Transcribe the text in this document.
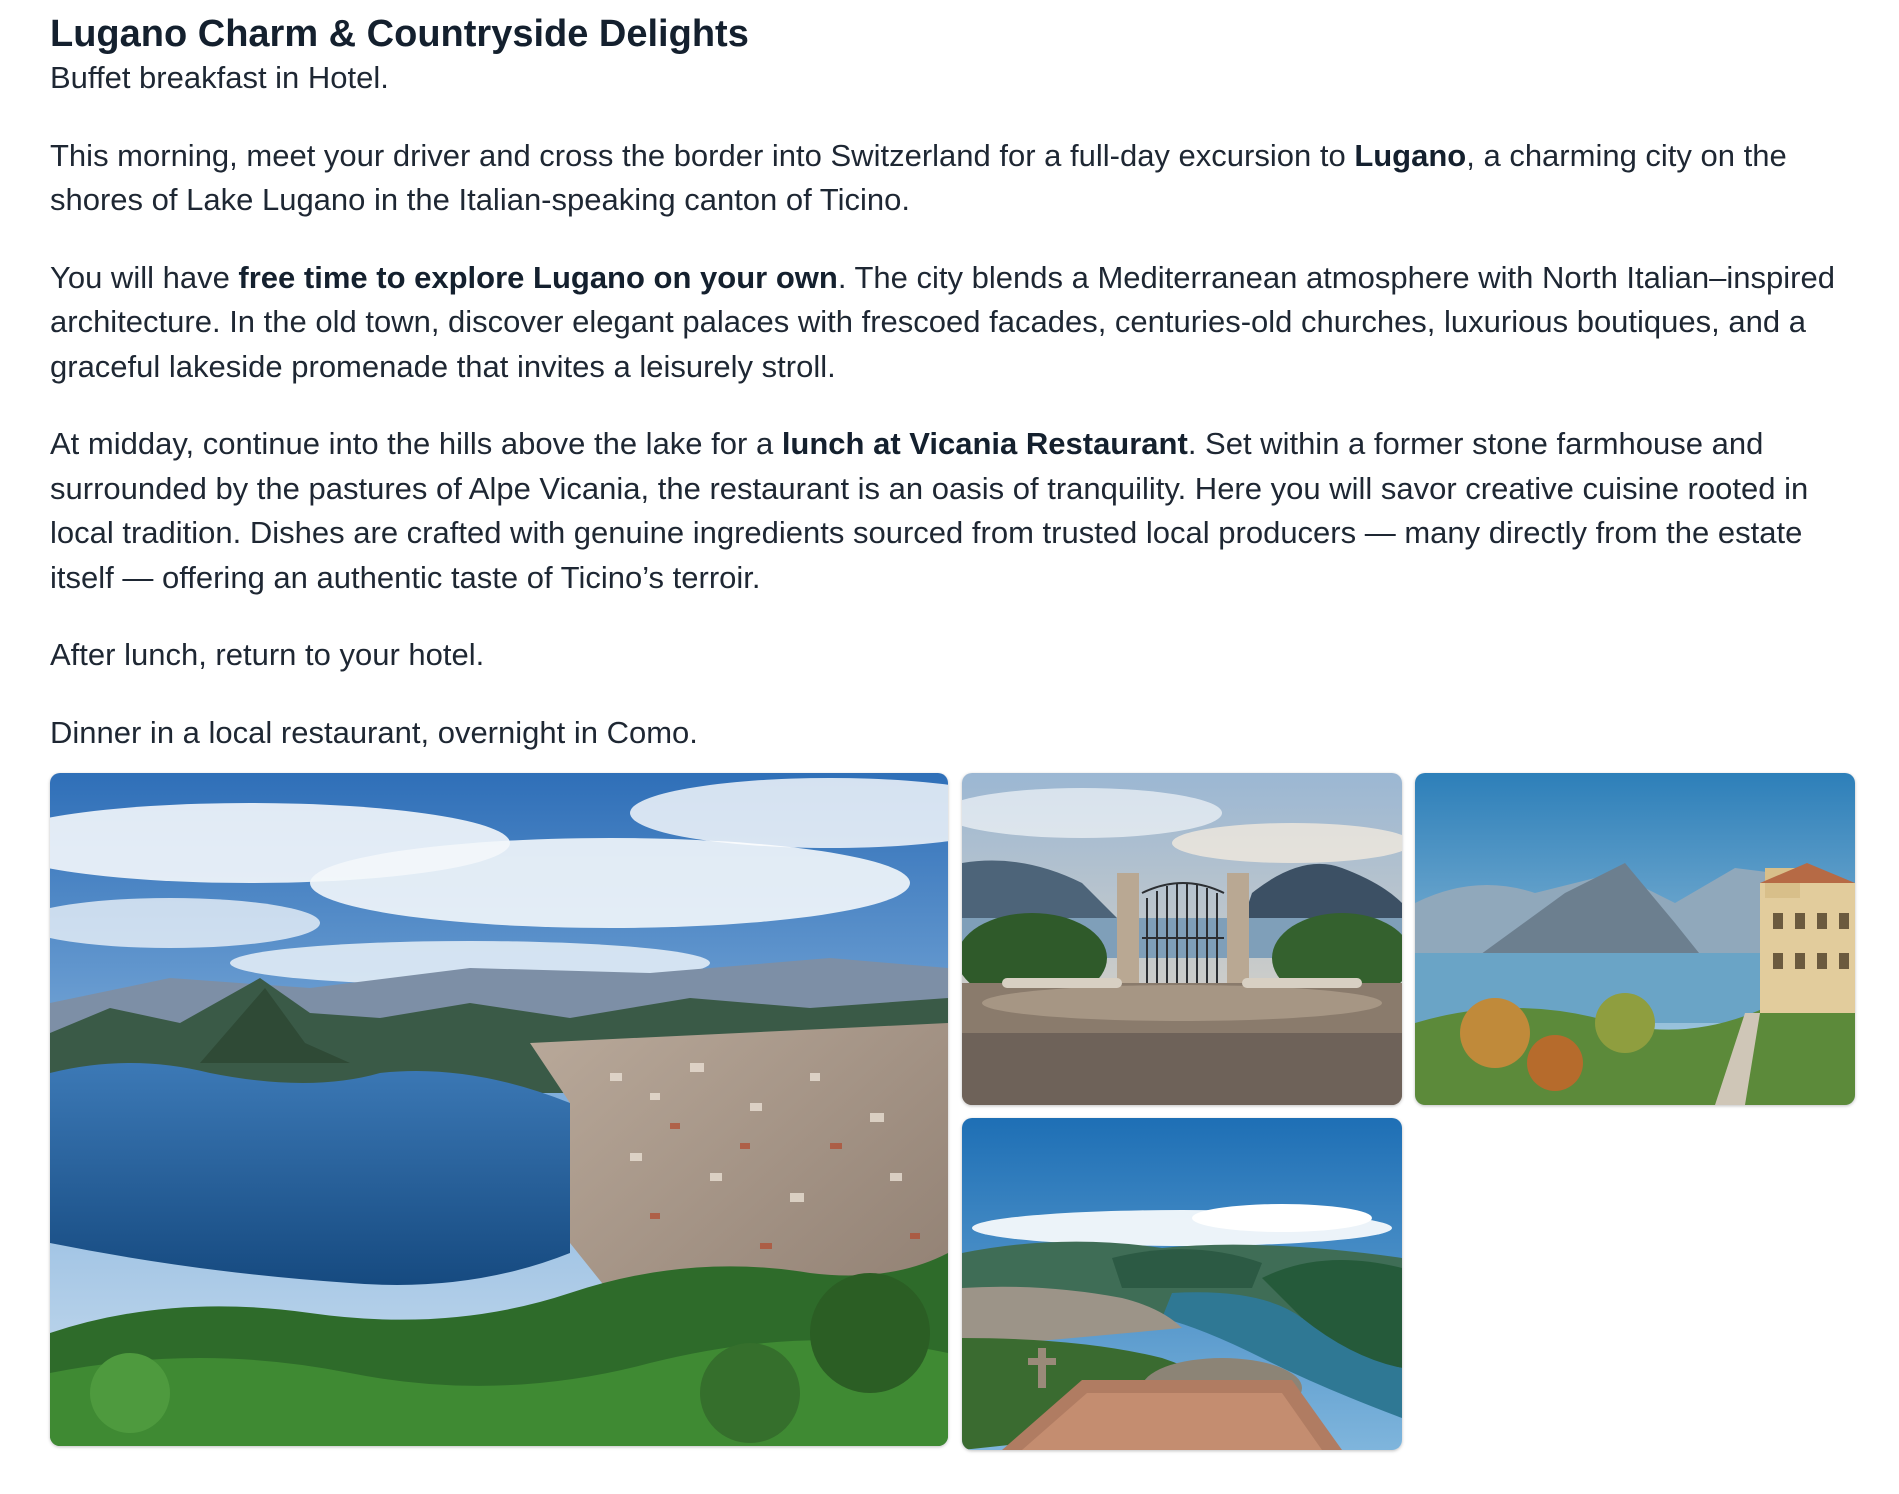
Lugano Charm & Countryside Delights

Buffet breakfast in Hotel.

This morning, meet your driver and cross the border into Switzerland for a full-day excursion to Lugano, a charming city on the shores of Lake Lugano in the Italian-speaking canton of Ticino.

You will have free time to explore Lugano on your own. The city blends a Mediterranean atmosphere with North Italian–inspired architecture. In the old town, discover elegant palaces with frescoed facades, centuries-old churches, luxurious boutiques, and a graceful lakeside promenade that invites a leisurely stroll.

At midday, continue into the hills above the lake for a lunch at Vicania Restaurant. Set within a former stone farmhouse and surrounded by the pastures of Alpe Vicania, the restaurant is an oasis of tranquility. Here you will savor creative cuisine rooted in local tradition. Dishes are crafted with genuine ingredients sourced from trusted local producers — many directly from the estate itself — offering an authentic taste of Ticino’s terroir.

After lunch, return to your hotel.

Dinner in a local restaurant, overnight in Como.
